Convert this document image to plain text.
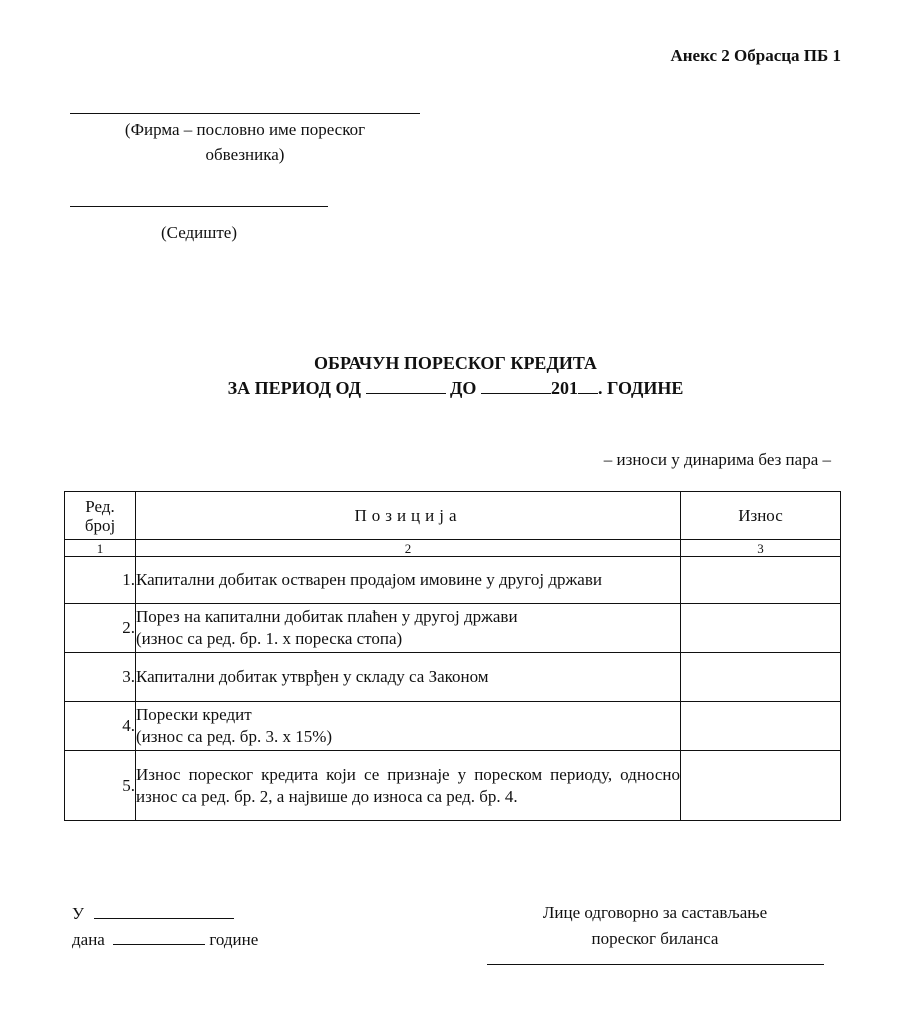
Анекс 2 Обрасца ПБ 1
(Фирма – пословно име пореског
обвезника)
(Седиште)
ОБРАЧУН ПОРЕСКОГ КРЕДИТА
ЗА ПЕРИОД ОД	ДО	201 . ГОДИНЕ
– износи у динарима без пара –
Ред.
број	Позиција	Износ
1	2	3
1.	Капитални добитак остварен продајом имовине у другој држави	
2.	Порез на капитални добитак плаћен у другој држави
(износ са ред. бр. 1. х пореска стопа)	

3.	Капитални добитак утврђен у складу са Законом	
4.	Порески кредит
(износ са ред. бр. 3. х 15%)	

5.	Износ пореског кредита који се признаје у пореском периоду, односно износ са ред. бр. 2, а највише до износа са ред. бр. 4.	
У
дана	године
Лице одговорно за састављање
пореског биланса
